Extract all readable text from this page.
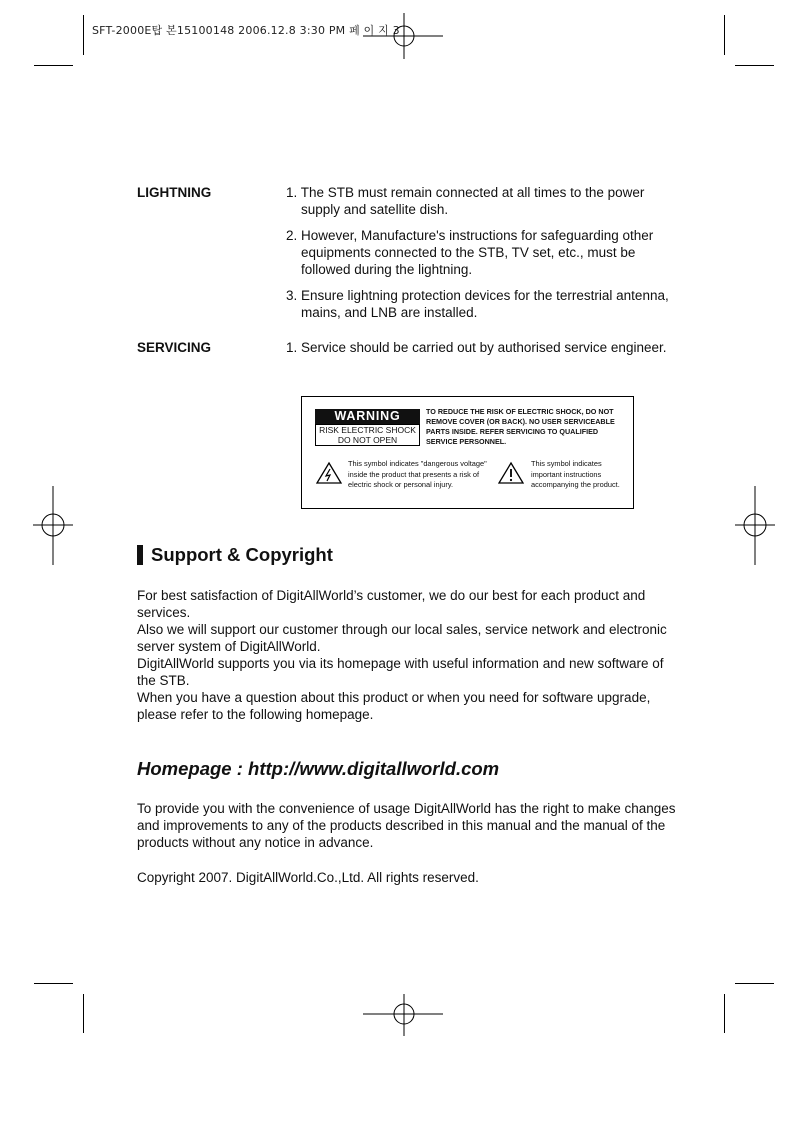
SFT-2000E탑 본15100148 2006.12.8 3:30 PM 페 이 지 3
LIGHTNING	1. The STB must remain connected at all times to the power supply and satellite dish.
2. However, Manufacture's instructions for safeguarding other equipments connected to the STB, TV set, etc., must be followed during the lightning.
3. Ensure lightning protection devices for the terrestrial antenna, mains, and LNB are installed.
SERVICING	1. Service should be carried out by authorised service engineer.
WARNING
RISK ELECTRIC SHOCK
DO NOT OPEN
TO REDUCE THE RISK OF ELECTRIC SHOCK, DO NOT REMOVE COVER (OR BACK). NO USER SERVICEABLE PARTS INSIDE. REFER SERVICING TO QUALIFIED SERVICE PERSONNEL.
This symbol indicates "dangerous voltage" inside the product that presents a risk of electric shock or personal injury.
This symbol indicates important instructions accompanying the product.
Support & Copyright
For best satisfaction of DigitAllWorld’s customer, we do our best for each product and services.
Also we will support our customer through our local sales, service network and electronic server system of DigitAllWorld.
DigitAllWorld supports you via its homepage with useful information and new software of the STB.
When you have a question about this product or when you need for software upgrade, please refer to the following homepage.
Homepage : http://www.digitallworld.com
To provide you with the convenience of usage DigitAllWorld has the right to make changes and improvements to any of the products described in this manual and the manual of the products without any notice in advance.
Copyright 2007. DigitAllWorld.Co.,Ltd. All rights reserved.
